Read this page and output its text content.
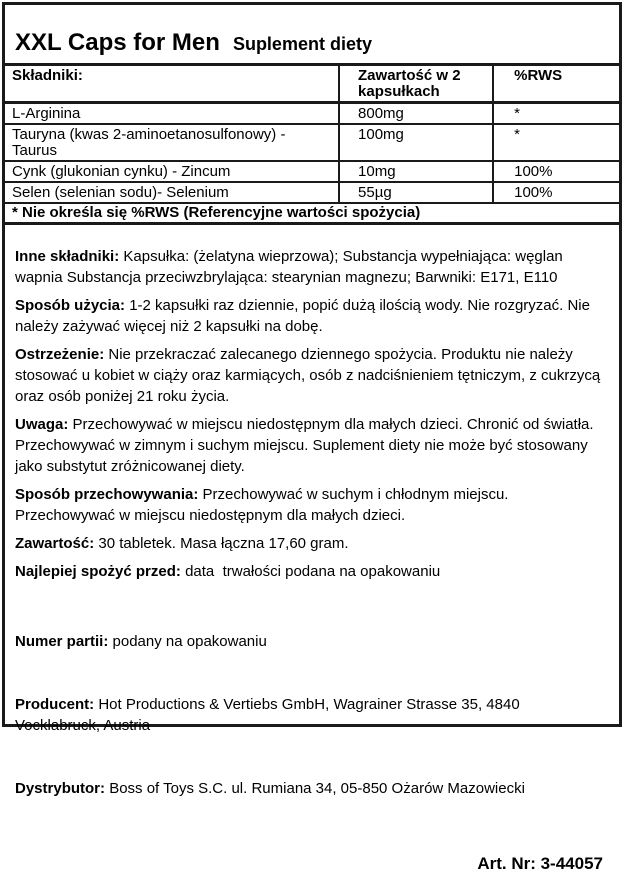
XXL Caps for Men Suplement diety
Składniki:	Zawartość w 2 kapsułkach	%RWS
L-Arginina	800mg	*
Tauryna (kwas 2-aminoetanosulfonowy) - Taurus	100mg	*
Cynk (glukonian cynku) - Zincum	10mg	100%
Selen (selenian sodu)- Selenium	55µg	100%
* Nie określa się %RWS (Referencyjne wartości spożycia)		

Inne składniki: Kapsułka: (żelatyna wieprzowa); Substancja wypełniająca: węglan wapnia Substancja przeciwzbrylająca: stearynian magnezu; Barwniki: E171, E110

Sposób użycia: 1-2 kapsułki raz dziennie, popić dużą ilością wody. Nie rozgryzać. Nie należy zażywać więcej niż 2 kapsułki na dobę.

Ostrzeżenie: Nie przekraczać zalecanego dziennego spożycia. Produktu nie należy stosować u kobiet w ciąży oraz karmiących, osób z nadciśnieniem tętniczym, z cukrzycą oraz osób poniżej 21 roku życia.

Uwaga: Przechowywać w miejscu niedostępnym dla małych dzieci. Chronić od światła. Przechowywać w zimnym i suchym miejscu. Suplement diety nie może być stosowany jako substytut zróżnicowanej diety.

Sposób przechowywania: Przechowywać w suchym i chłodnym miejscu. Przechowywać w miejscu niedostępnym dla małych dzieci.

Zawartość: 30 tabletek. Masa łączna 17,60 gram.

Najlepiej spożyć przed: data  trwałości podana na opakowaniu

Numer partii: podany na opakowaniu

Producent: Hot Productions & Vertiebs GmbH, Wagrainer Strasse 35, 4840 Vocklabruck, Austria

Dystrybutor: Boss of Toys S.C. ul. Rumiana 34, 05-850 Ożarów Mazowiecki

Art. Nr: 3-44057
